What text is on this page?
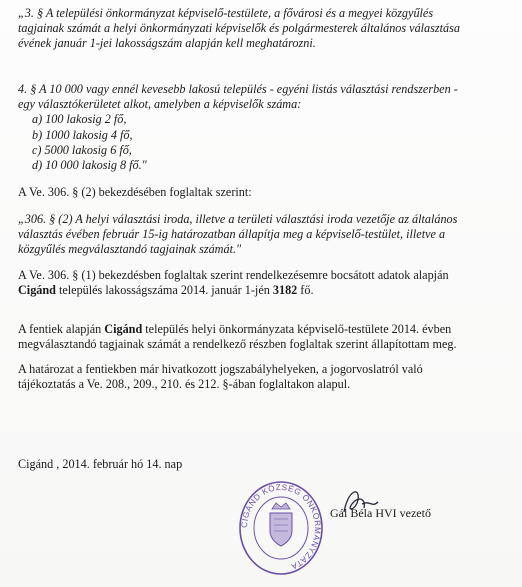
„3. § A települési önkormányzat képviselő-testülete, a fővárosi és a megyei közgyűlés
tagjainak számát a helyi önkormányzati képviselők és polgármesterek általános választása
évének január 1-jei lakosságszám alapján kell meghatározni.
4. § A 10 000 vagy ennél kevesebb lakosú település - egyéni listás választási rendszerben -
egy választókerületet alkot, amelyben a képviselők száma:
a) 100 lakosig 2 fő,
b) 1000 lakosig 4 fő,
c) 5000 lakosig 6 fő,
d) 10 000 lakosig 8 fő."
A Ve. 306. § (2) bekezdésében foglaltak szerint:
„306. § (2) A helyi választási iroda, illetve a területi választási iroda vezetője az általános
választás évében február 15-ig határozatban állapítja meg a képviselő-testület, illetve a
közgyűlés megválasztandó tagjainak számát."
A Ve. 306. § (1) bekezdésben foglaltak szerint rendelkezésemre bocsátott adatok alapján
Cigánd település lakosságszáma 2014. január 1-jén 3182 fő.
A fentiek alapján Cigánd település helyi önkormányzata képviselő-testülete 2014. évben
megválasztandó tagjainak számát a rendelkező részben foglaltak szerint állapítottam meg.
A határozat a fentiekben már hivatkozott jogszabályhelyeken, a jogorvoslatról való
tájékoztatás a Ve. 208., 209., 210. és 212. §-ában foglaltakon alapul.
Cigánd , 2014. február hó 14. nap
Gál Béla HVI vezető
CIGÁND KÖZSÉG ÖNKORMÁNYZATA
